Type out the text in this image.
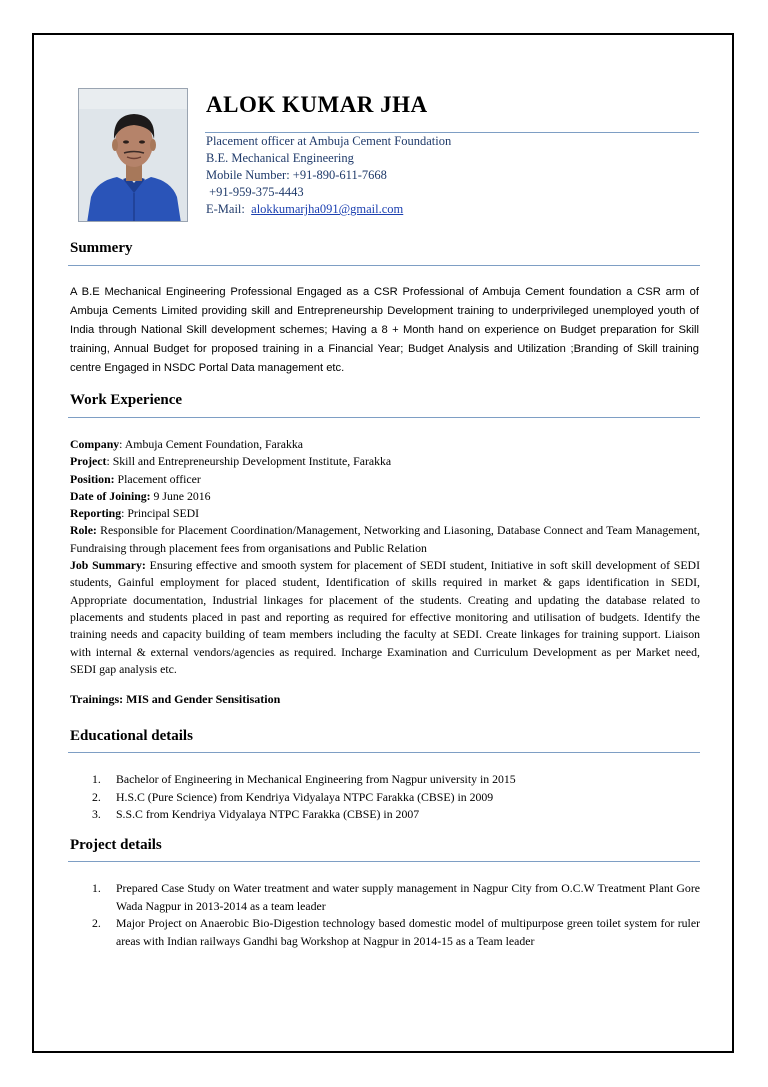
ALOK KUMAR JHA
Placement officer at Ambuja Cement Foundation
B.E. Mechanical Engineering
Mobile Number: +91-890-611-7668
+91-959-375-4443
E-Mail:  alokkumarjha091@gmail.com
Summery

A B.E Mechanical Engineering Professional Engaged as a CSR Professional of Ambuja Cement foundation a CSR arm of Ambuja Cements Limited providing skill and Entrepreneurship Development training to underprivileged unemployed youth of India through National Skill development schemes; Having a 8 + Month hand on experience on Budget preparation for Skill training, Annual Budget for proposed training in a Financial Year; Budget Analysis and Utilization ;Branding of Skill training centre Engaged in NSDC Portal Data management etc.

Work Experience

Company: Ambuja Cement Foundation, Farakka

Project: Skill and Entrepreneurship Development Institute, Farakka

Position: Placement officer

Date of Joining: 9 June 2016

Reporting: Principal SEDI

Role: Responsible for Placement Coordination/Management, Networking and Liasoning, Database Connect and Team Management, Fundraising through placement fees from organisations and Public Relation

Job Summary: Ensuring effective and smooth system for placement of SEDI student, Initiative in soft skill development of SEDI students, Gainful employment for placed student, Identification of skills required in market & gaps identification in SEDI, Appropriate documentation, Industrial linkages for placement of the students. Creating and updating the database related to placements and students placed in past and reporting as required for effective monitoring and utilisation of budgets. Identify the training needs and capacity building of team members including the faculty at SEDI. Create linkages for training support. Liaison with internal & external vendors/agencies as required. Incharge Examination and Curriculum Development as per Market need, SEDI gap analysis etc.

Trainings: MIS and Gender Sensitisation

Educational details
1. Bachelor of Engineering in Mechanical Engineering from Nagpur university in 2015
2. H.S.C (Pure Science) from Kendriya Vidyalaya NTPC Farakka (CBSE) in 2009
3. S.S.C from Kendriya Vidyalaya NTPC Farakka (CBSE) in 2007
Project details
1. Prepared Case Study on Water treatment and water supply management in Nagpur City from O.C.W Treatment Plant Gore Wada Nagpur in 2013-2014 as a team leader
2. Major Project on Anaerobic Bio-Digestion technology based domestic model of multipurpose green toilet system for ruler areas with Indian railways Gandhi bag Workshop at Nagpur in 2014-15 as a Team leader
